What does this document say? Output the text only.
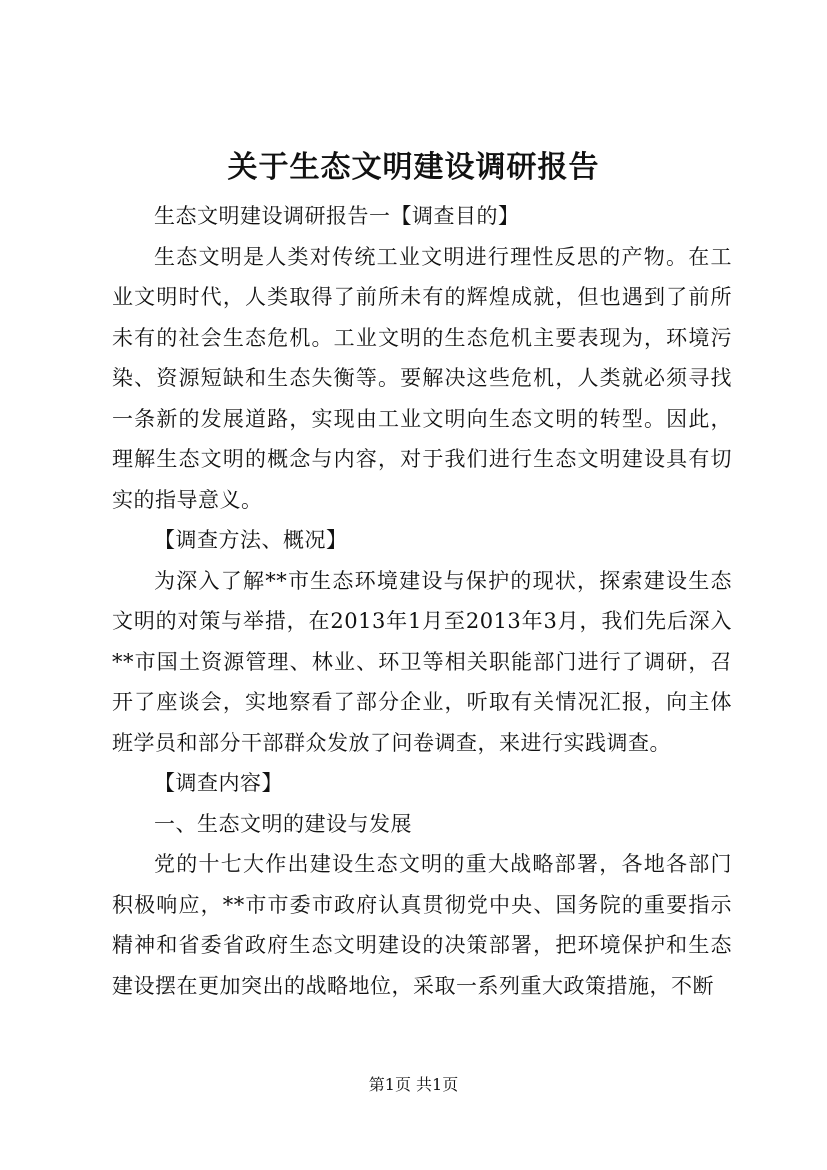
关于生态文明建设调研报告

生态文明建设调研报告一【调查目的】

生态文明是人类对传统工业文明进行理性反思的产物。在工业文明时代，人类取得了前所未有的辉煌成就，但也遇到了前所未有的社会生态危机。工业文明的生态危机主要表现为，环境污染、资源短缺和生态失衡等。要解决这些危机，人类就必须寻找一条新的发展道路，实现由工业文明向生态文明的转型。因此，理解生态文明的概念与内容，对于我们进行生态文明建设具有切实的指导意义。

【调查方法、概况】

为深入了解**市生态环境建设与保护的现状，探索建设生态文明的对策与举措，在2013年1月至2013年3月，我们先后深入**市国土资源管理、林业、环卫等相关职能部门进行了调研，召开了座谈会，实地察看了部分企业，听取有关情况汇报，向主体班学员和部分干部群众发放了问卷调查，来进行实践调查。

【调查内容】

一、生态文明的建设与发展

党的十七大作出建设生态文明的重大战略部署，各地各部门积极响应，**市市委市政府认真贯彻党中央、国务院的重要指示精神和省委省政府生态文明建设的决策部署，把环境保护和生态建设摆在更加突出的战略地位，采取一系列重大政策措施，不断

第1页 共1页
